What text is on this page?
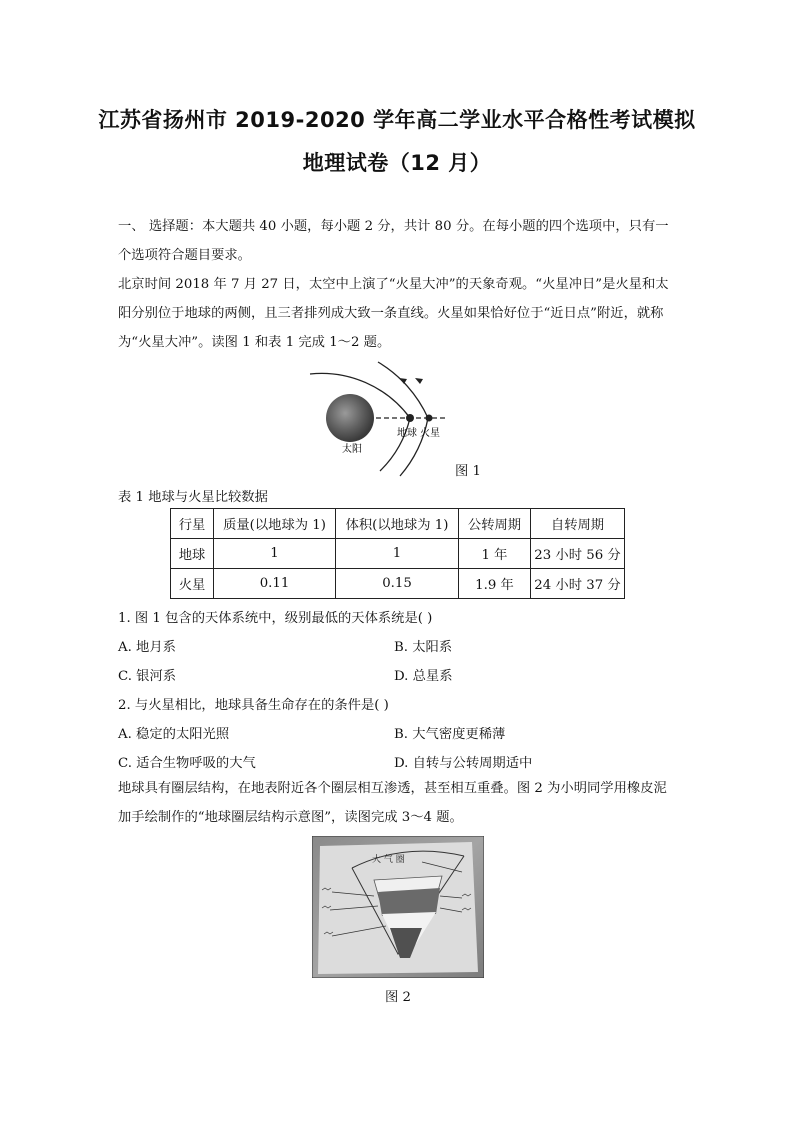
江苏省扬州市 2019-2020 学年高二学业水平合格性考试模拟
地理试卷（12 月）
一、 选择题：本大题共 40 小题，每小题 2 分，共计 80 分。在每小题的四个选项中，只有一个选项符合题目要求。
北京时间 2018 年 7 月 27 日，太空中上演了“火星大冲”的天象奇观。“火星冲日”是火星和太阳分别位于地球的两侧，且三者排列成大致一条直线。火星如果恰好位于“近日点”附近，就称为“火星大冲”。读图 1 和表 1 完成 1～2 题。
太阳
地球 火星
图 1
表 1 地球与火星比较数据
行星	质量(以地球为 1)	体积(以地球为 1)	公转周期	自转周期
地球	1	1	1 年	23 小时 56 分
火星	0.11	0.15	1.9 年	24 小时 37 分
1. 图 1 包含的天体系统中，级别最低的天体系统是( )
A. 地月系	B. 太阳系
C. 银河系	D. 总星系
2. 与火星相比，地球具备生命存在的条件是( )
A. 稳定的太阳光照	B. 大气密度更稀薄
C. 适合生物呼吸的大气	D. 自转与公转周期适中
地球具有圈层结构，在地表附近各个圈层相互渗透，甚至相互重叠。图 2 为小明同学用橡皮泥加手绘制作的“地球圈层结构示意图”，读图完成 3～4 题。
大 气 圈
图 2
